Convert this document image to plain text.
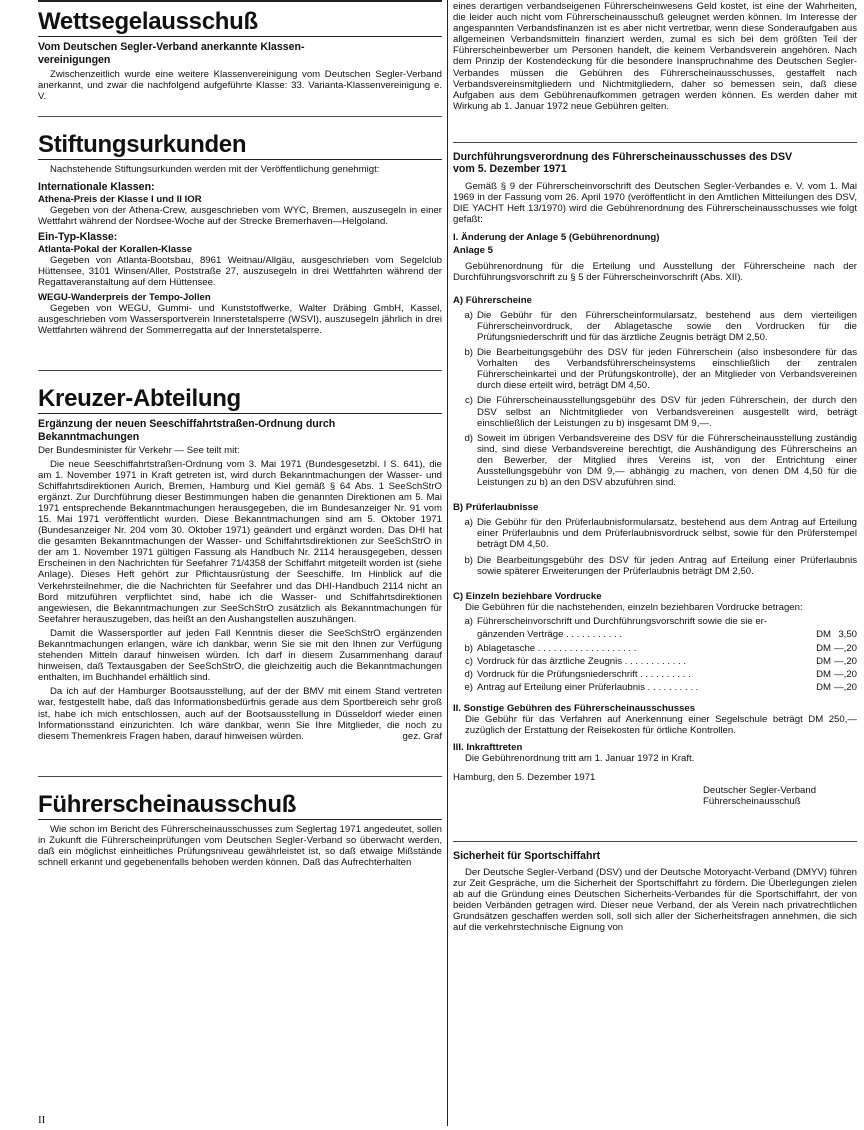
Wettsegelausschuß

Vom Deutschen Segler-Verband anerkannte Klassen-vereinigungen

Zwischenzeitlich wurde eine weitere Klassenvereinigung vom Deutschen Segler-Verband anerkannt, und zwar die nachfolgend aufgeführte Klasse: 33. Varianta-Klassenvereinigung e. V.

Stiftungsurkunden

Nachstehende Stiftungsurkunden werden mit der Veröffentlichung genehmigt:

Internationale Klassen:

Athena-Preis der Klasse I und II IOR

Gegeben von der Athena-Crew, ausgeschrieben vom WYC, Bremen, auszusegeln in einer Wettfahrt während der Nordsee-Woche auf der Strecke Bremerhaven—Helgoland.

Ein-Typ-Klasse:

Atlanta-Pokal der Korallen-Klasse

Gegeben von Atlanta-Bootsbau, 8961 Weitnau/Allgäu, ausgeschrieben vom Segelclub Hüttensee, 3101 Winsen/Aller, Poststraße 27, auszusegeln in drei Wettfahrten während der Regattaveranstaltung auf dem Hüttensee.

WEGU-Wanderpreis der Tempo-Jollen

Gegeben von WEGU, Gummi- und Kunststoffwerke, Walter Dräbing GmbH, Kassel, ausgeschrieben vom Wassersportverein Innerstetalsperre (WSVI), auszusegeln jährlich in drei Wettfahrten während der Sommerregatta auf der Innerstetalsperre.

Kreuzer-Abteilung

Ergänzung der neuen Seeschiffahrtstraßen-Ordnung durch Bekanntmachungen

Der Bundesminister für Verkehr — See teilt mit:

Die neue Seeschiffahrtstraßen-Ordnung vom 3. Mai 1971 (Bundesgesetzbl. I S. 641), die am 1. November 1971 in Kraft getreten ist, wird durch Bekanntmachungen der Wasser- und Schiffahrtsdirektionen Aurich, Bremen, Hamburg und Kiel gemäß § 64 Abs. 1 SeeSchStrO ergänzt. Zur Durchführung dieser Bestimmungen haben die genannten Direktionen am 5. Mai 1971 entsprechende Bekanntmachungen herausgegeben, die im Bundesanzeiger Nr. 91 vom 15. Mai 1971 veröffentlicht wurden. Diese Bekanntmachungen sind am 5. Oktober 1971 (Bundesanzeiger Nr. 204 vom 30. Oktober 1971) geändert und ergänzt worden. Das DHI hat die gesamten Bekanntmachungen der Wasser- und Schiffahrtsdirektionen zur SeeSchStrO in der am 1. November 1971 gültigen Fassung als Handbuch Nr. 2114 herausgegeben, dessen Erscheinen in den Nachrichten für Seefahrer 71/4358 der Schiffahrt mitgeteilt worden ist (siehe Anlage). Dieses Heft gehört zur Pflichtausrüstung der Seeschiffe. Im Hinblick auf die Verkehrsteilnehmer, die die Nachrichten für Seefahrer und das DHI-Handbuch 2114 nicht an Bord mitzuführen verpflichtet sind, habe ich die Wasser- und Schiffahrtsdirektionen angewiesen, die Bekanntmachungen zur SeeSchStrO zusätzlich als Bekanntmachungen für Seefahrer herauszugeben, das heißt an den Aushangstellen auszuhängen.

Damit die Wassersportler auf jeden Fall Kenntnis dieser die SeeSchStrO ergänzenden Bekanntmachungen erlangen, wäre ich dankbar, wenn Sie sie mit den Ihnen zur Verfügung stehenden Mitteln darauf hinweisen würden. Ich darf in diesem Zusammenhang darauf hinweisen, daß Textausgaben der SeeSchStrO, die gleichzeitig auch die Bekanntmachungen enthalten, im Buchhandel erhältlich sind.

Da ich auf der Hamburger Bootsausstellung, auf der der BMV mit einem Stand vertreten war, festgestellt habe, daß das Informationsbedürfnis gerade aus dem Sportbereich sehr groß ist, habe ich mich entschlossen, auch auf der Bootsausstellung in Düsseldorf wieder einen Informationsstand einzurichten. Ich wäre dankbar, wenn Sie Ihre Mitglieder, die noch zu diesem Themenkreis Fragen haben, darauf hinweisen würden.	gez. Graf

Führerscheinausschuß

Wie schon im Bericht des Führerscheinausschusses zum Seglertag 1971 angedeutet, sollen in Zukunft die Führerscheinprüfungen vom Deutschen Segler-Verband so überwacht werden, daß ein möglichst einheitliches Prüfungsniveau gewährleistet ist, so daß etwaige Mißstände schnell erkannt und gegebenenfalls behoben werden können. Daß das Aufrechterhalten

eines derartigen verbandseigenen Führerscheinwesens Geld kostet, ist eine der Wahrheiten, die leider auch nicht vom Führerscheinausschuß geleugnet werden können. Im Interesse der angespannten Verbandsfinanzen ist es aber nicht vertretbar, wenn diese Sonderaufgaben aus allgemeinen Verbandsmitteln finanziert werden, zumal es sich bei dem größten Teil der Führerscheinbewerber um Personen handelt, die keinem Verbandsverein angehören. Nach dem Prinzip der Kostendeckung für die besondere Inanspruchnahme des Deutschen Segler-Verbandes müssen die Gebühren des Führerscheinausschusses, gestaffelt nach Verbandsvereinsmitgliedern und Nichtmitgliedern, daher so bemessen sein, daß diese Aufgaben aus dem Gebührenaufkommen getragen werden können. Es werden daher mit Wirkung ab 1. Januar 1972 neue Gebühren gelten.

Durchführungsverordnung des Führerscheinausschusses des DSV vom 5. Dezember 1971

Gemäß § 9 der Führerscheinvorschrift des Deutschen Segler-Verbandes e. V. vom 1. Mai 1969 in der Fassung vom 26. April 1970 (veröffentlicht in den Amtlichen Mitteilungen des DSV, DIE YACHT Heft 13/1970) wird die Gebührenordnung des Führerscheinausschusses wie folgt gefaßt:

I. Änderung der Anlage 5 (Gebührenordnung)

Anlage 5

Gebührenordnung für die Erteilung und Ausstellung der Führerscheine nach der Durchführungsvorschrift zu § 5 der Führerscheinvorschrift (Abs. XII).

A) Führerscheine

a) Die Gebühr für den Führerscheinformularsatz, bestehend aus dem vierteiligen Führerscheinvordruck, der Ablagetasche sowie den Vordrucken für die Prüfungsniederschrift und für das ärztliche Zeugnis beträgt DM 2,50.
b) Die Bearbeitungsgebühr des DSV für jeden Führerschein (also insbesondere für das Vorhalten des Verbandsführerscheinsystems einschließlich der zentralen Führerscheinkartei und der Prüfungskontrolle), der an Mitglieder von Verbandsvereinen durch diese erteilt wird, beträgt DM 4,50.
c) Die Führerscheinausstellungsgebühr des DSV für jeden Führerschein, der durch den DSV selbst an Nichtmitglieder von Verbandsvereinen ausgestellt wird, beträgt einschließlich der Leistungen zu b) insgesamt DM 9,—.
d) Soweit im übrigen Verbandsvereine des DSV für die Führerscheinausstellung zuständig sind, sind diese Verbandsvereine berechtigt, die Aushändigung des Führerscheins an den Bewerber, der Mitglied ihres Vereins ist, von der Entrichtung einer Ausstellungsgebühr von DM 9,— abhängig zu machen, von denen DM 4,50 für die Leistungen zu b) an den DSV abzuführen sind.

B) Prüferlaubnisse

a) Die Gebühr für den Prüferlaubnisformularsatz, bestehend aus dem Antrag auf Erteilung einer Prüferlaubnis und dem Prüferlaubnisvordruck selbst, sowie für den Prüferstempel beträgt DM 4,50.
b) Die Bearbeitungsgebühr des DSV für jeden Antrag auf Erteilung einer Prüferlaubnis sowie späterer Erweiterungen der Prüferlaubnis beträgt DM 2,50.

C) Einzeln beziehbare Vordrucke

Die Gebühren für die nachstehenden, einzeln beziehbaren Vordrucke betragen:

a) Führerscheinvorschrift und Durchführungsvorschrift sowie die sie er-
gänzenden Verträge . . . . . . . . . . .	DM 3,50
b) Ablagetasche . . . . . . . . . . . . . . . . . . .	DM —,20
c) Vordruck für das ärztliche Zeugnis . . . . . . . . . . . .	DM —,20
d) Vordruck für die Prüfungsniederschrift . . . . . . . . . .	DM —,20
e) Antrag auf Erteilung einer Prüferlaubnis . . . . . . . . . .	DM —,20

II. Sonstige Gebühren des Führerscheinausschusses

Die Gebühr für das Verfahren auf Anerkennung einer Segelschule beträgt DM 250,— zuzüglich der Erstattung der Reisekosten für örtliche Kontrollen.

III. Inkrafttreten

Die Gebührenordnung tritt am 1. Januar 1972 in Kraft.

Hamburg, den 5. Dezember 1971

Deutscher Segler-Verband

Führerscheinausschuß

Sicherheit für Sportschiffahrt

Der Deutsche Segler-Verband (DSV) und der Deutsche Motoryacht-Verband (DMYV) führen zur Zeit Gespräche, um die Sicherheit der Sportschiffahrt zu fördern. Die Überlegungen zielen ab auf die Gründung eines Deutschen Sicherheits-Verbandes für die Sportschiffahrt, der von beiden Verbänden getragen wird. Dieser neue Verband, der als Verein nach privatrechtlichen Grundsätzen geschaffen werden soll, soll sich aller der Sicherheitsfragen annehmen, die sich auf die verkehrstechnische Eignung von

II
